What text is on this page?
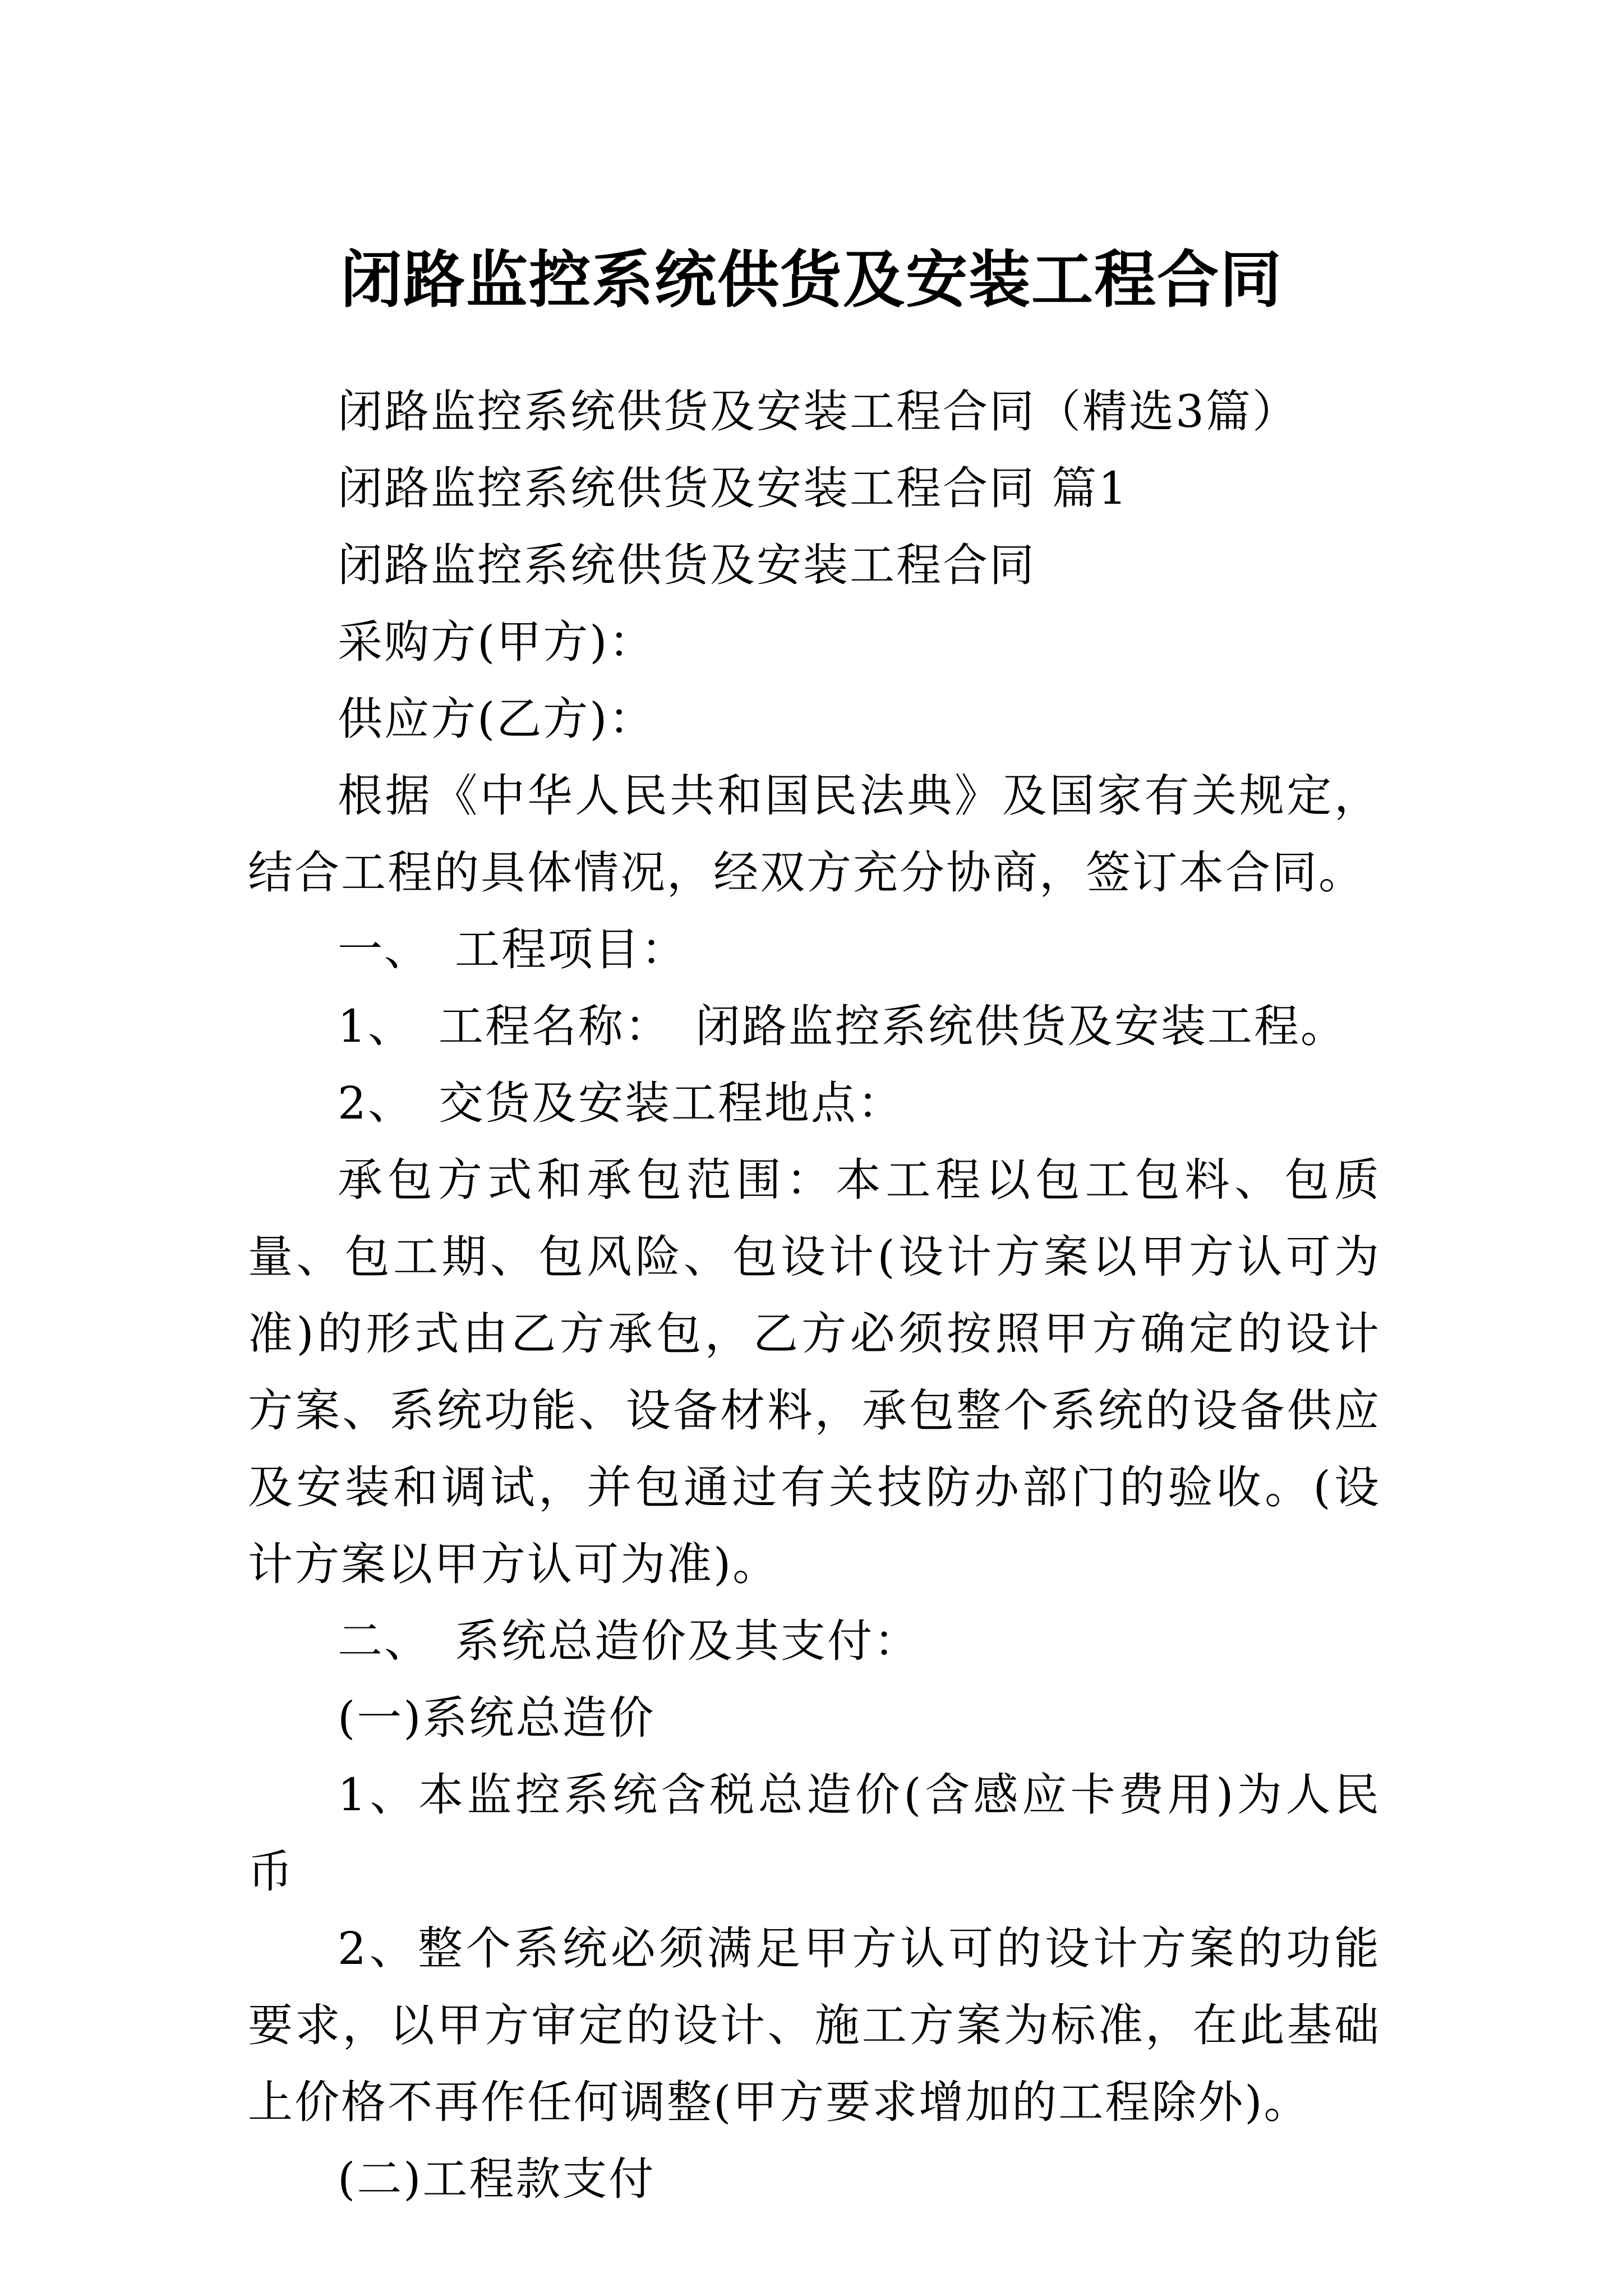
闭路监控系统供货及安装工程合同

闭路监控系统供货及安装工程合同（精选3篇）

闭路监控系统供货及安装工程合同 篇1

闭路监控系统供货及安装工程合同

采购方(甲方)：

供应方(乙方)：

根据《中华人民共和国民法典》及国家有关规定，结合工程的具体情况，经双方充分协商，签订本合同。

一、　工程项目：

1、　工程名称：　闭路监控系统供货及安装工程。

2、　交货及安装工程地点：

承包方式和承包范围：本工程以包工包料、包质量、包工期、包风险、包设计(设计方案以甲方认可为准)的形式由乙方承包，乙方必须按照甲方确定的设计方案、系统功能、设备材料，承包整个系统的设备供应及安装和调试，并包通过有关技防办部门的验收。(设计方案以甲方认可为准)。

二、　系统总造价及其支付：

(一)系统总造价

1、本监控系统含税总造价(含感应卡费用)为人民币

2、整个系统必须满足甲方认可的设计方案的功能要求，以甲方审定的设计、施工方案为标准，在此基础上价格不再作任何调整(甲方要求增加的工程除外)。

(二)工程款支付
